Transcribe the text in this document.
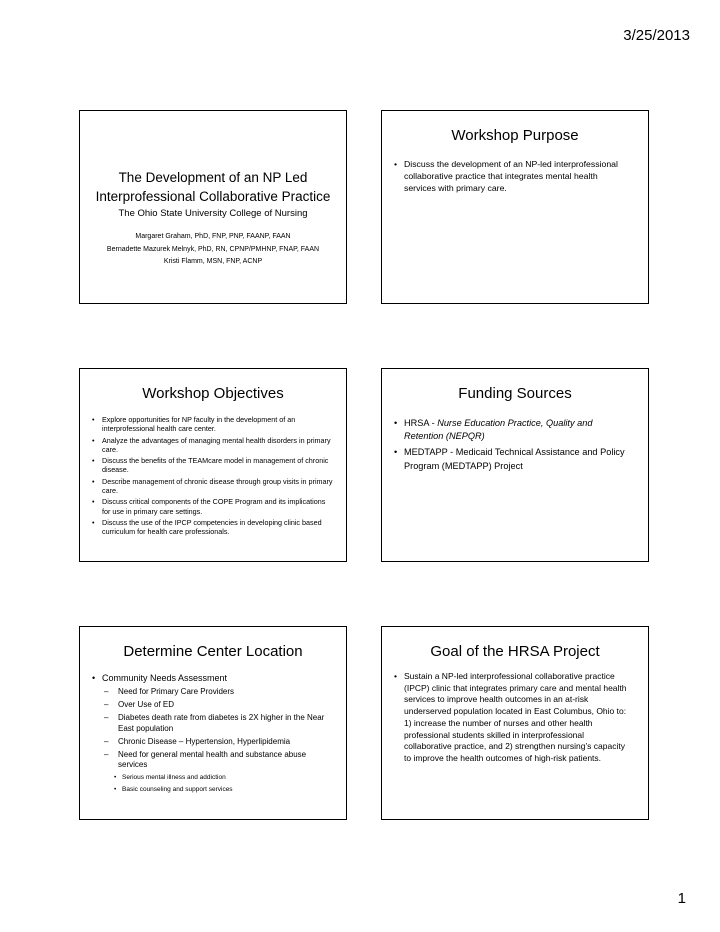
3/25/2013
The Development of an NP Led
Interprofessional Collaborative Practice
The Ohio State University College of Nursing
Margaret Graham, PhD, FNP, PNP, FAANP, FAAN
Bernadette Mazurek Melnyk, PhD, RN, CPNP/PMHNP, FNAP, FAAN
Kristi Flamm, MSN, FNP, ACNP
Workshop Purpose
• Discuss the development of an NP-led interprofessional collaborative practice that integrates mental health services with primary care.
Workshop Objectives
• Explore opportunities for NP faculty in the development of an interprofessional health care center.
• Analyze the advantages of managing mental health disorders in primary care.
• Discuss the benefits of the TEAMcare model in management of chronic disease.
• Describe management of chronic disease through group visits in primary care.
• Discuss critical components of the COPE Program and its implications for use in primary care settings.
• Discuss the use of the IPCP competencies in developing clinic based curriculum for health care professionals.
Funding Sources
• HRSA - Nurse Education Practice, Quality and Retention (NEPQR)
• MEDTAPP - Medicaid Technical Assistance and Policy Program (MEDTAPP) Project
Determine Center Location
• Community Needs Assessment
– Need for Primary Care Providers
– Over Use of ED
– Diabetes death rate from diabetes is 2X higher in the Near East population
– Chronic Disease – Hypertension, Hyperlipidemia
– Need for general mental health and substance abuse services
• Serious mental illness and addiction
• Basic counseling and support services
Goal of the HRSA Project
• Sustain a NP-led interprofessional collaborative practice (IPCP) clinic that integrates primary care and mental health services to improve health outcomes in an at-risk underserved population located in East Columbus, Ohio to: 1) increase the number of nurses and other health professional students skilled in interprofessional collaborative practice, and 2) strengthen nursing’s capacity to improve the health outcomes of high-risk patients.
1
